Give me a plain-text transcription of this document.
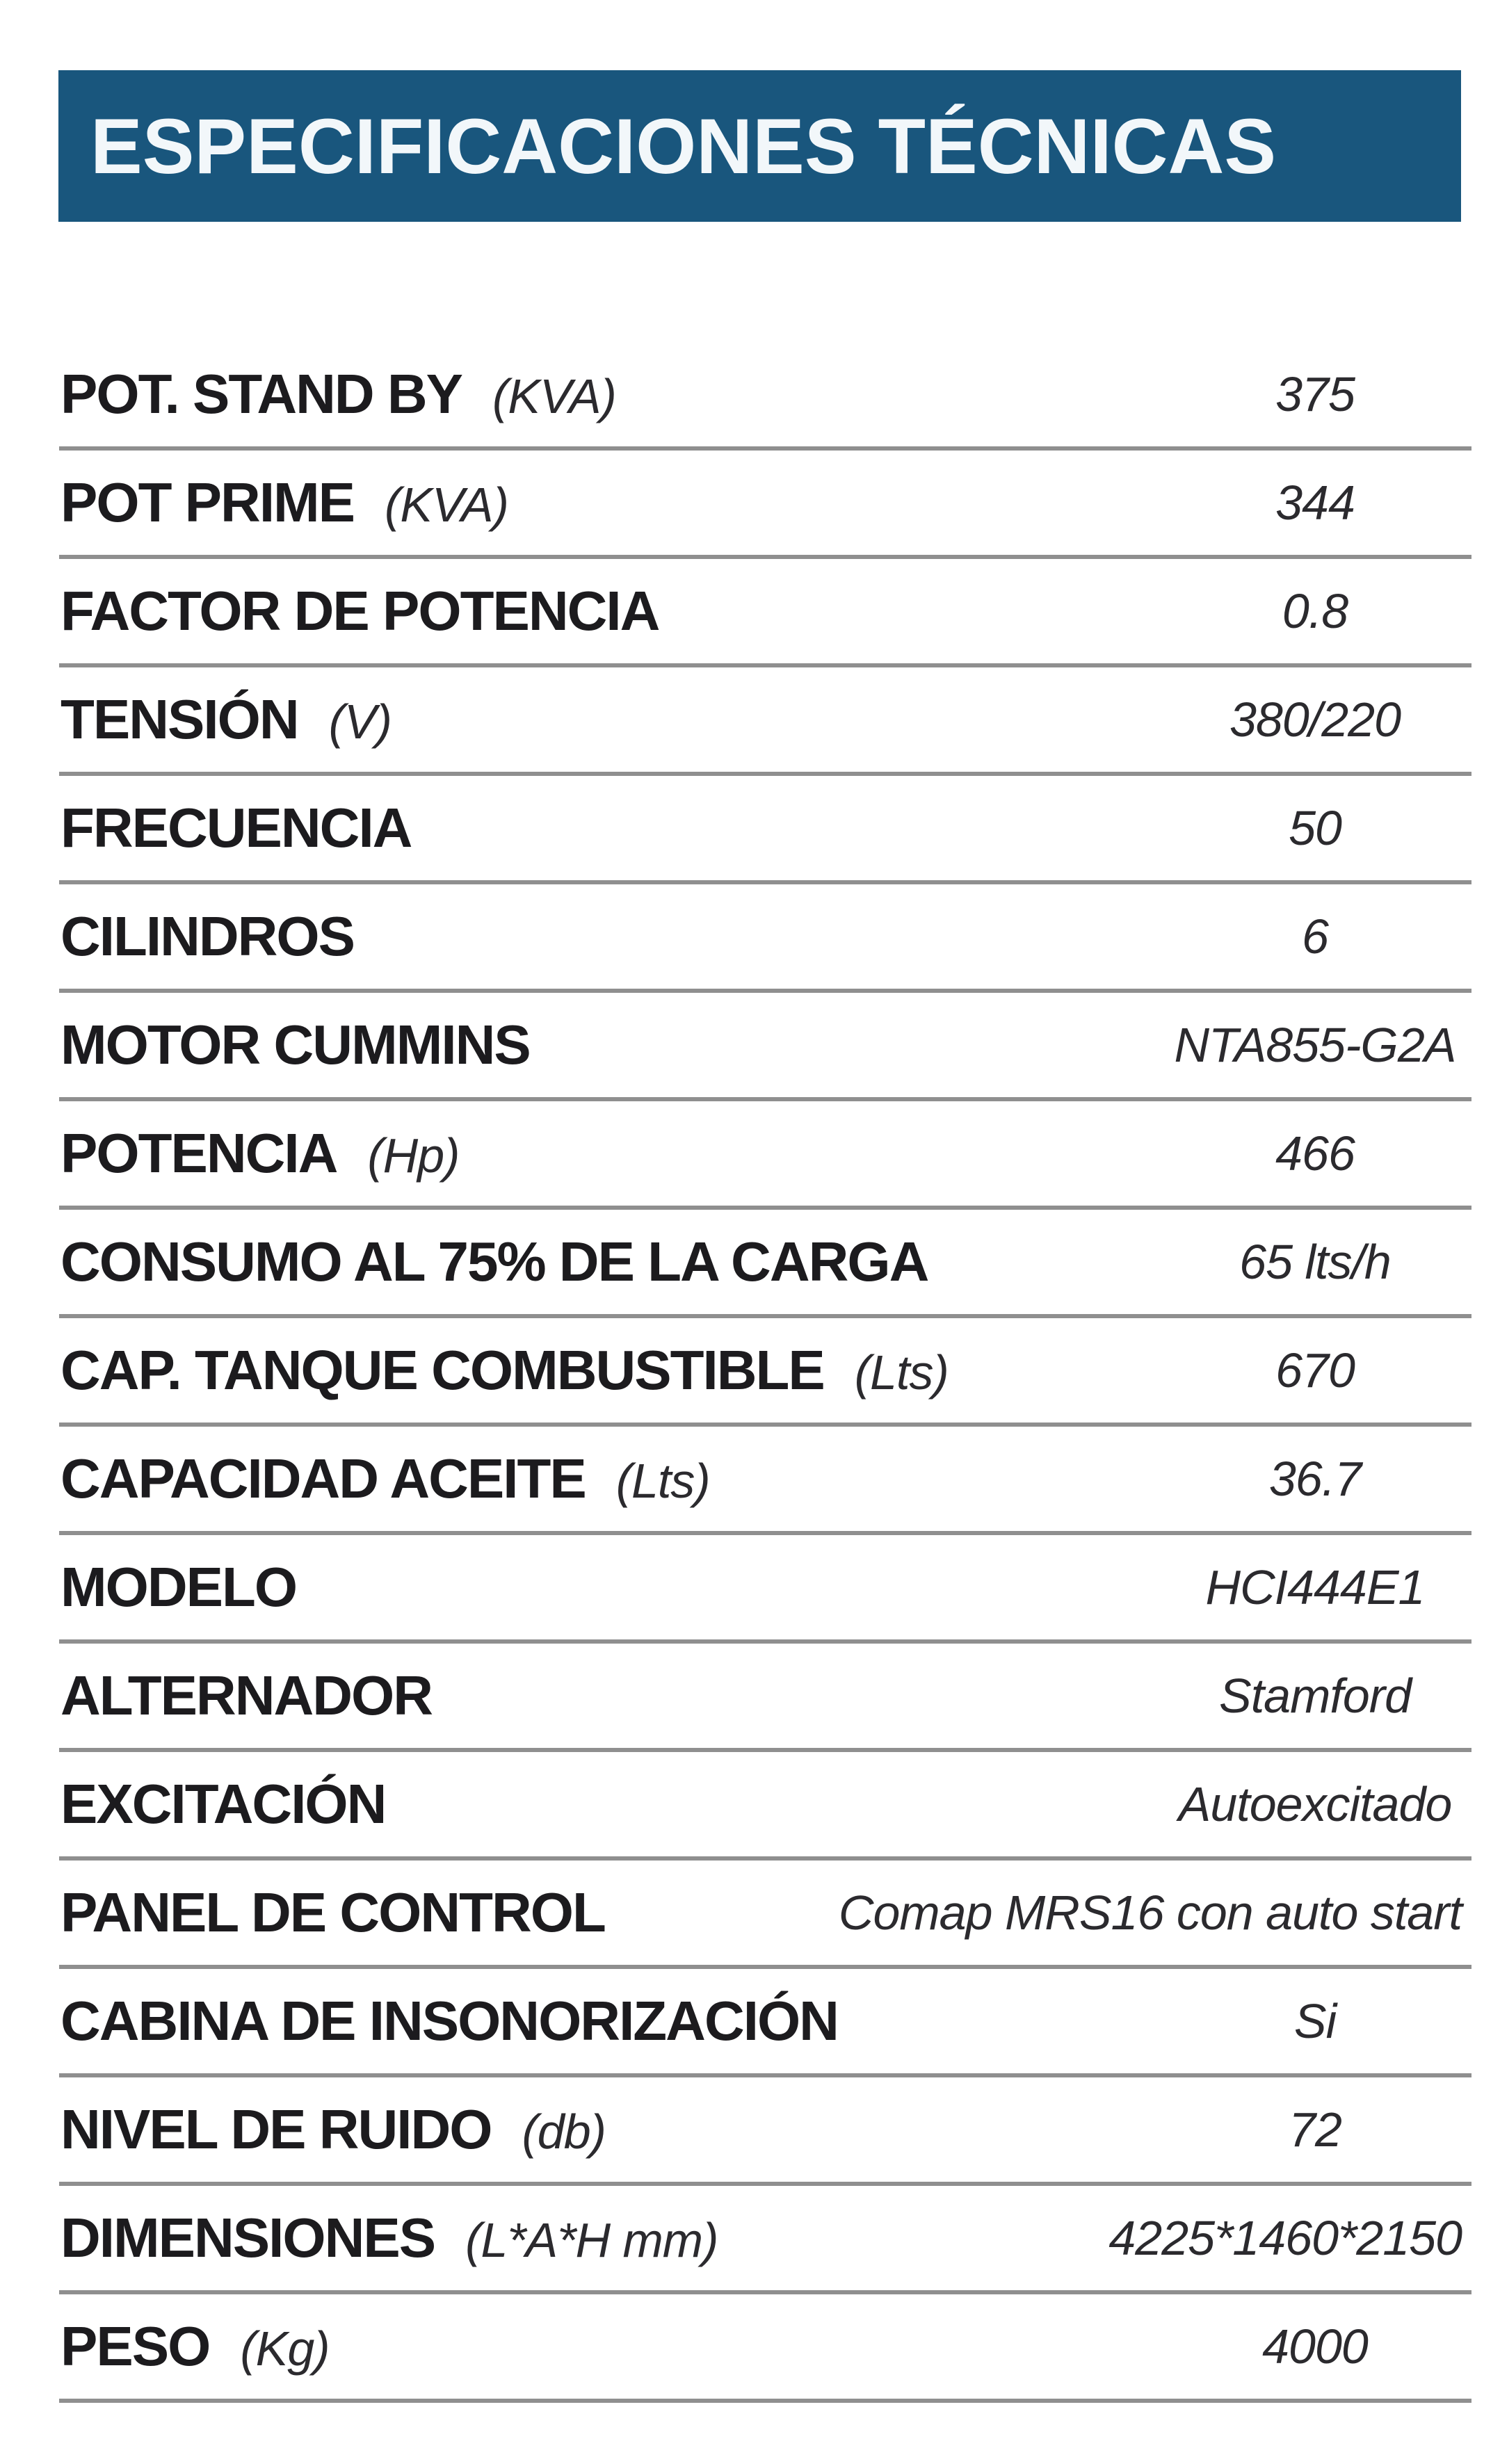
ESPECIFICACIONES TÉCNICAS
POT. STAND BY (KVA)	375
POT PRIME (KVA)	344
FACTOR DE POTENCIA	0.8
TENSIÓN (V)	380/220
FRECUENCIA	50
CILINDROS	6
MOTOR CUMMINS	NTA855-G2A
POTENCIA (Hp)	466
CONSUMO AL 75% DE LA CARGA	65 lts/h
CAP. TANQUE COMBUSTIBLE (Lts)	670
CAPACIDAD ACEITE (Lts)	36.7
MODELO	HCI444E1
ALTERNADOR	Stamford
EXCITACIÓN	Autoexcitado
PANEL DE CONTROL	Comap MRS16 con auto start
CABINA DE INSONORIZACIÓN	Si
NIVEL DE RUIDO (db)	72
DIMENSIONES (L*A*H mm)	4225*1460*2150
PESO (Kg)	4000
